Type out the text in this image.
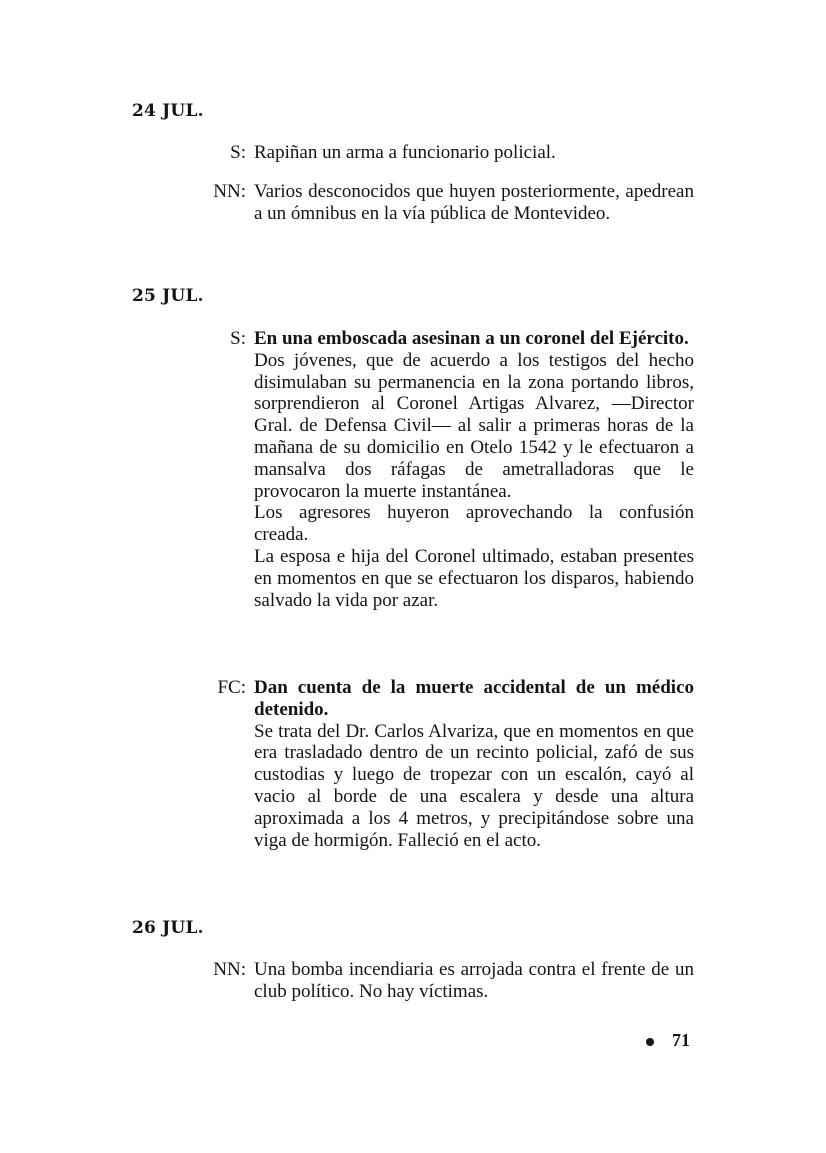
24 JUL.
S: Rapiñan un arma a funcionario policial.

NN: Varios desconocidos que huyen posteriormente, apedrean a un ómnibus en la vía pública de Montevideo.

25 JUL.
S: En una emboscada asesinan a un coronel del Ejército.

Dos jóvenes, que de acuerdo a los testigos del hecho disimulaban su permanencia en la zona portando libros, sorprendieron al Coronel Artigas Alvarez, —Director Gral. de Defensa Civil— al salir a primeras horas de la mañana de su domicilio en Otelo 1542 y le efectuaron a mansalva dos ráfagas de ametralladoras que le provocaron la muerte instantánea.

Los agresores huyeron aprovechando la confusión creada.

La esposa e hija del Coronel ultimado, estaban presentes en momentos en que se efectuaron los disparos, habiendo salvado la vida por azar.

FC: Dan cuenta de la muerte accidental de un médico detenido.

Se trata del Dr. Carlos Alvariza, que en momentos en que era trasladado dentro de un recinto policial, zafó de sus custodias y luego de tropezar con un escalón, cayó al vacio al borde de una escalera y desde una altura aproximada a los 4 metros, y precipitándose sobre una viga de hormigón. Falleció en el acto.

26 JUL.
NN: Una bomba incendiaria es arrojada contra el frente de un club político. No hay víctimas.

71
